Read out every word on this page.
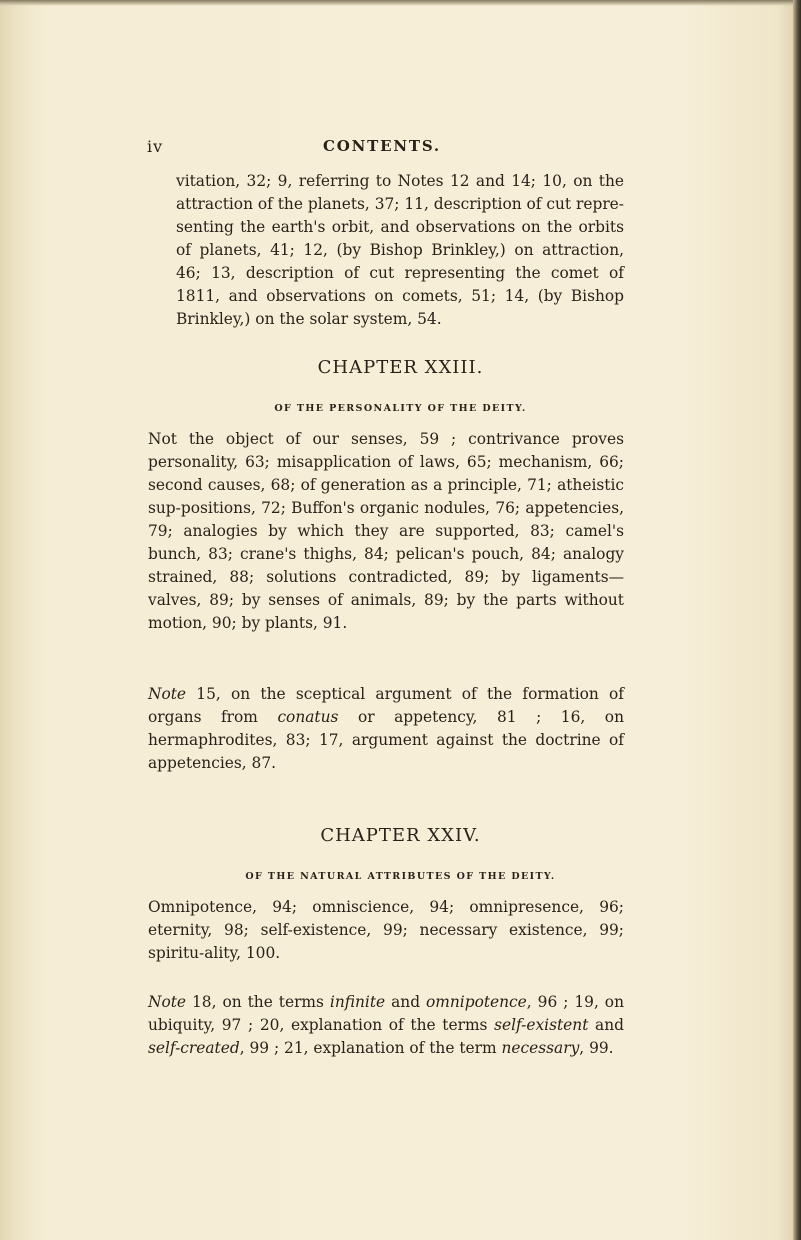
iv	CONTENTS.

vitation, 32; 9, referring to Notes 12 and 14; 10, on the attraction of the planets, 37; 11, description of cut repre-senting the earth's orbit, and observations on the orbits of planets, 41; 12, (by Bishop Brinkley,) on attraction, 46; 13, description of cut representing the comet of 1811, and observations on comets, 51; 14, (by Bishop Brinkley,) on the solar system, 54.

CHAPTER XXIII.
OF THE PERSONALITY OF THE DEITY.

Not the object of our senses, 59 ; contrivance proves personality, 63; misapplication of laws, 65; mechanism, 66; second causes, 68; of generation as a principle, 71; atheistic sup-positions, 72; Buffon's organic nodules, 76; appetencies, 79; analogies by which they are supported, 83; camel's bunch, 83; crane's thighs, 84; pelican's pouch, 84; analogy strained, 88; solutions contradicted, 89; by ligaments— valves, 89; by senses of animals, 89; by the parts without motion, 90; by plants, 91.

Note 15, on the sceptical argument of the formation of organs from conatus or appetency, 81 ; 16, on hermaphrodites, 83; 17, argument against the doctrine of appetencies, 87.

CHAPTER XXIV.
OF THE NATURAL ATTRIBUTES OF THE DEITY.

Omnipotence, 94; omniscience, 94; omnipresence, 96; eternity, 98; self-existence, 99; necessary existence, 99; spiritu-ality, 100.

Note 18, on the terms infinite and omnipotence, 96 ; 19, on ubiquity, 97 ; 20, explanation of the terms self-existent and self-created, 99 ; 21, explanation of the term necessary, 99.
